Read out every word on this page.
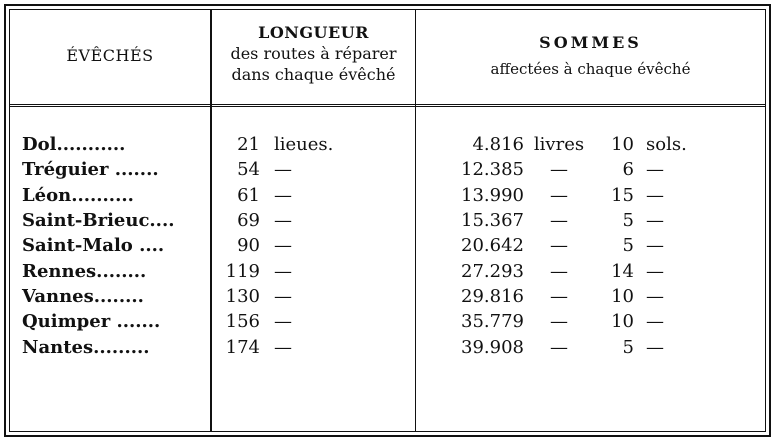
ÉVÊCHÉS
LONGUEUR
des routes à réparer
dans chaque évêché
SOMMES
affectées à chaque évêché
Dol...........	21	lieues.	4.816	livres	10	sols.
Tréguier .......	54	—	12.385	—	6	—
Léon..........	61	—	13.990	—	15	—
Saint-Brieuc....	69	—	15.367	—	5	—
Saint-Malo ....	90	—	20.642	—	5	—
Rennes........	119	—	27.293	—	14	—
Vannes........	130	—	29.816	—	10	—
Quimper .......	156	—	35.779	—	10	—
Nantes.........	174	—	39.908	—	5	—
